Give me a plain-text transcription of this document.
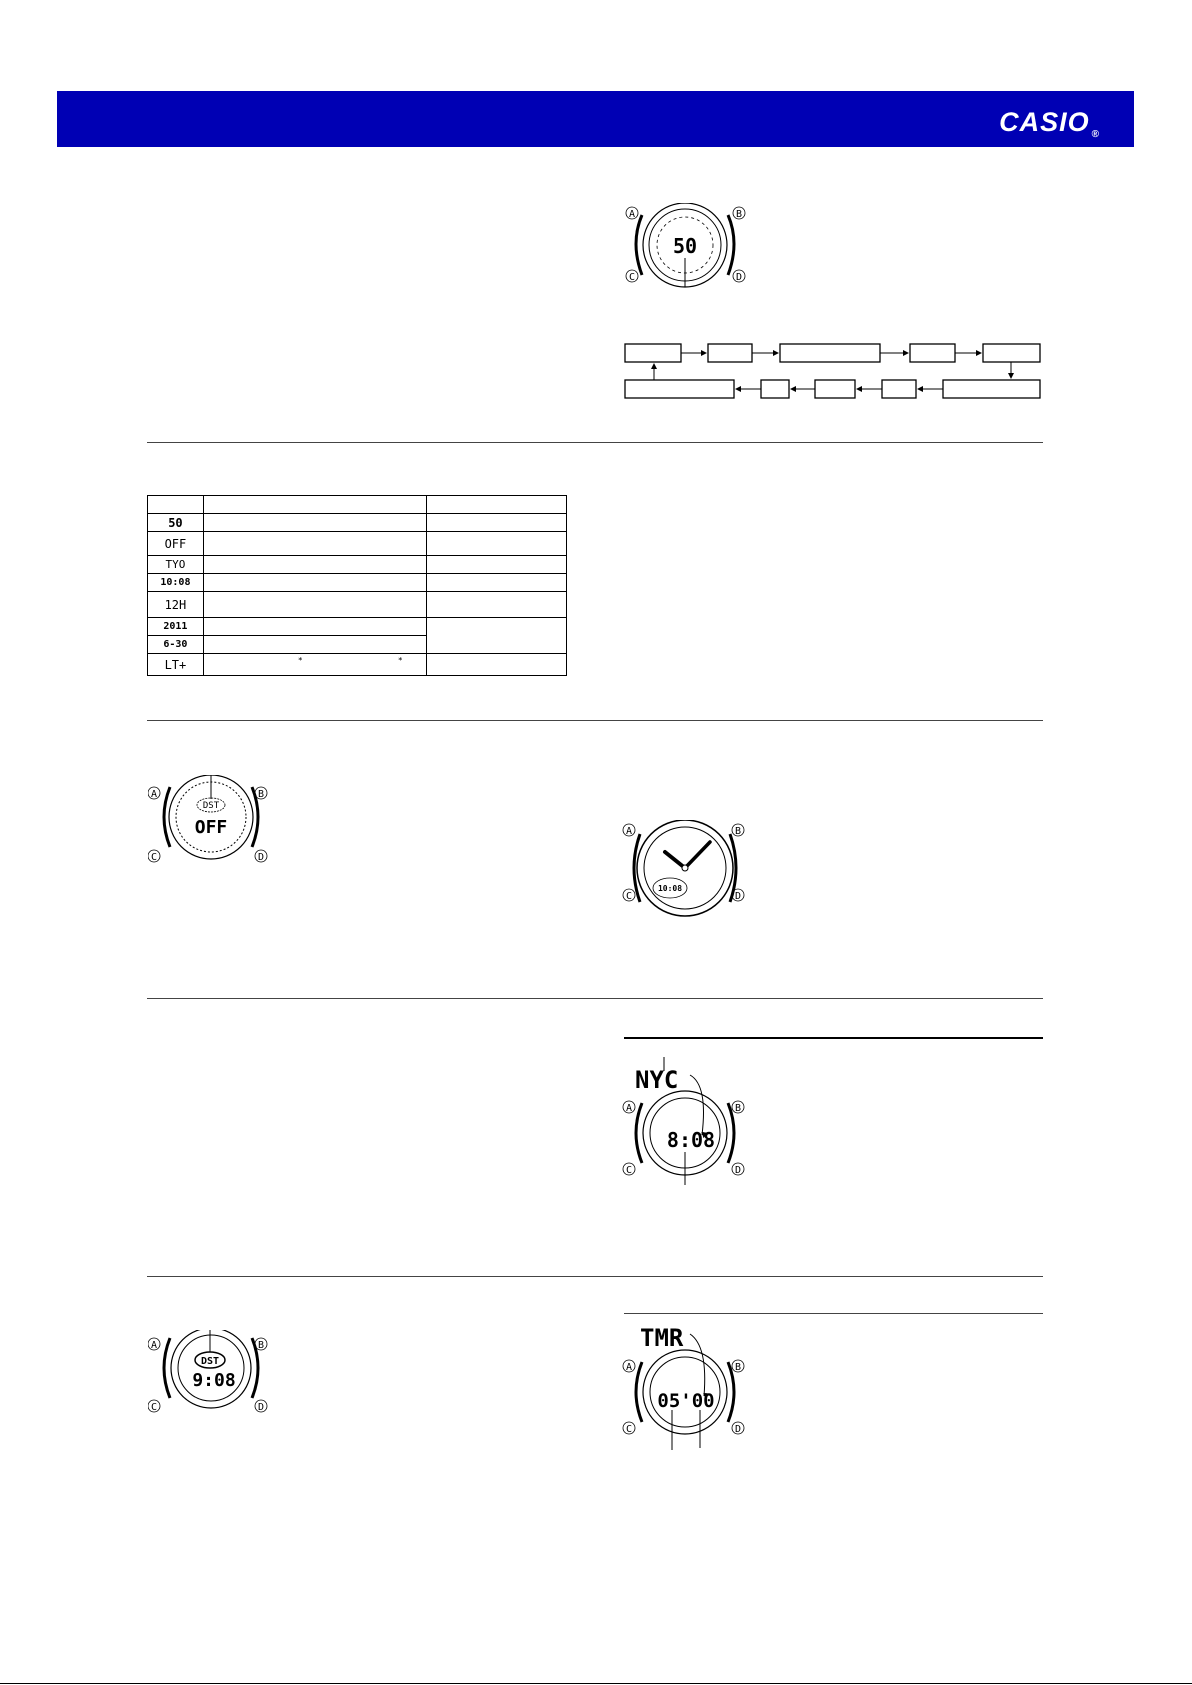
CASIO ®
50
A	B
C	D

50		
OFF		
TYO		
10:08		
12H		
2011		
6-30		
LT+	* *	

DST
OFF
A	B
C	D
10:08
A	B
C	D
NYC
8:08
A	B
C	D
DST
9:08
A	B
C	D
TMR
05'00
A	B
C	D
